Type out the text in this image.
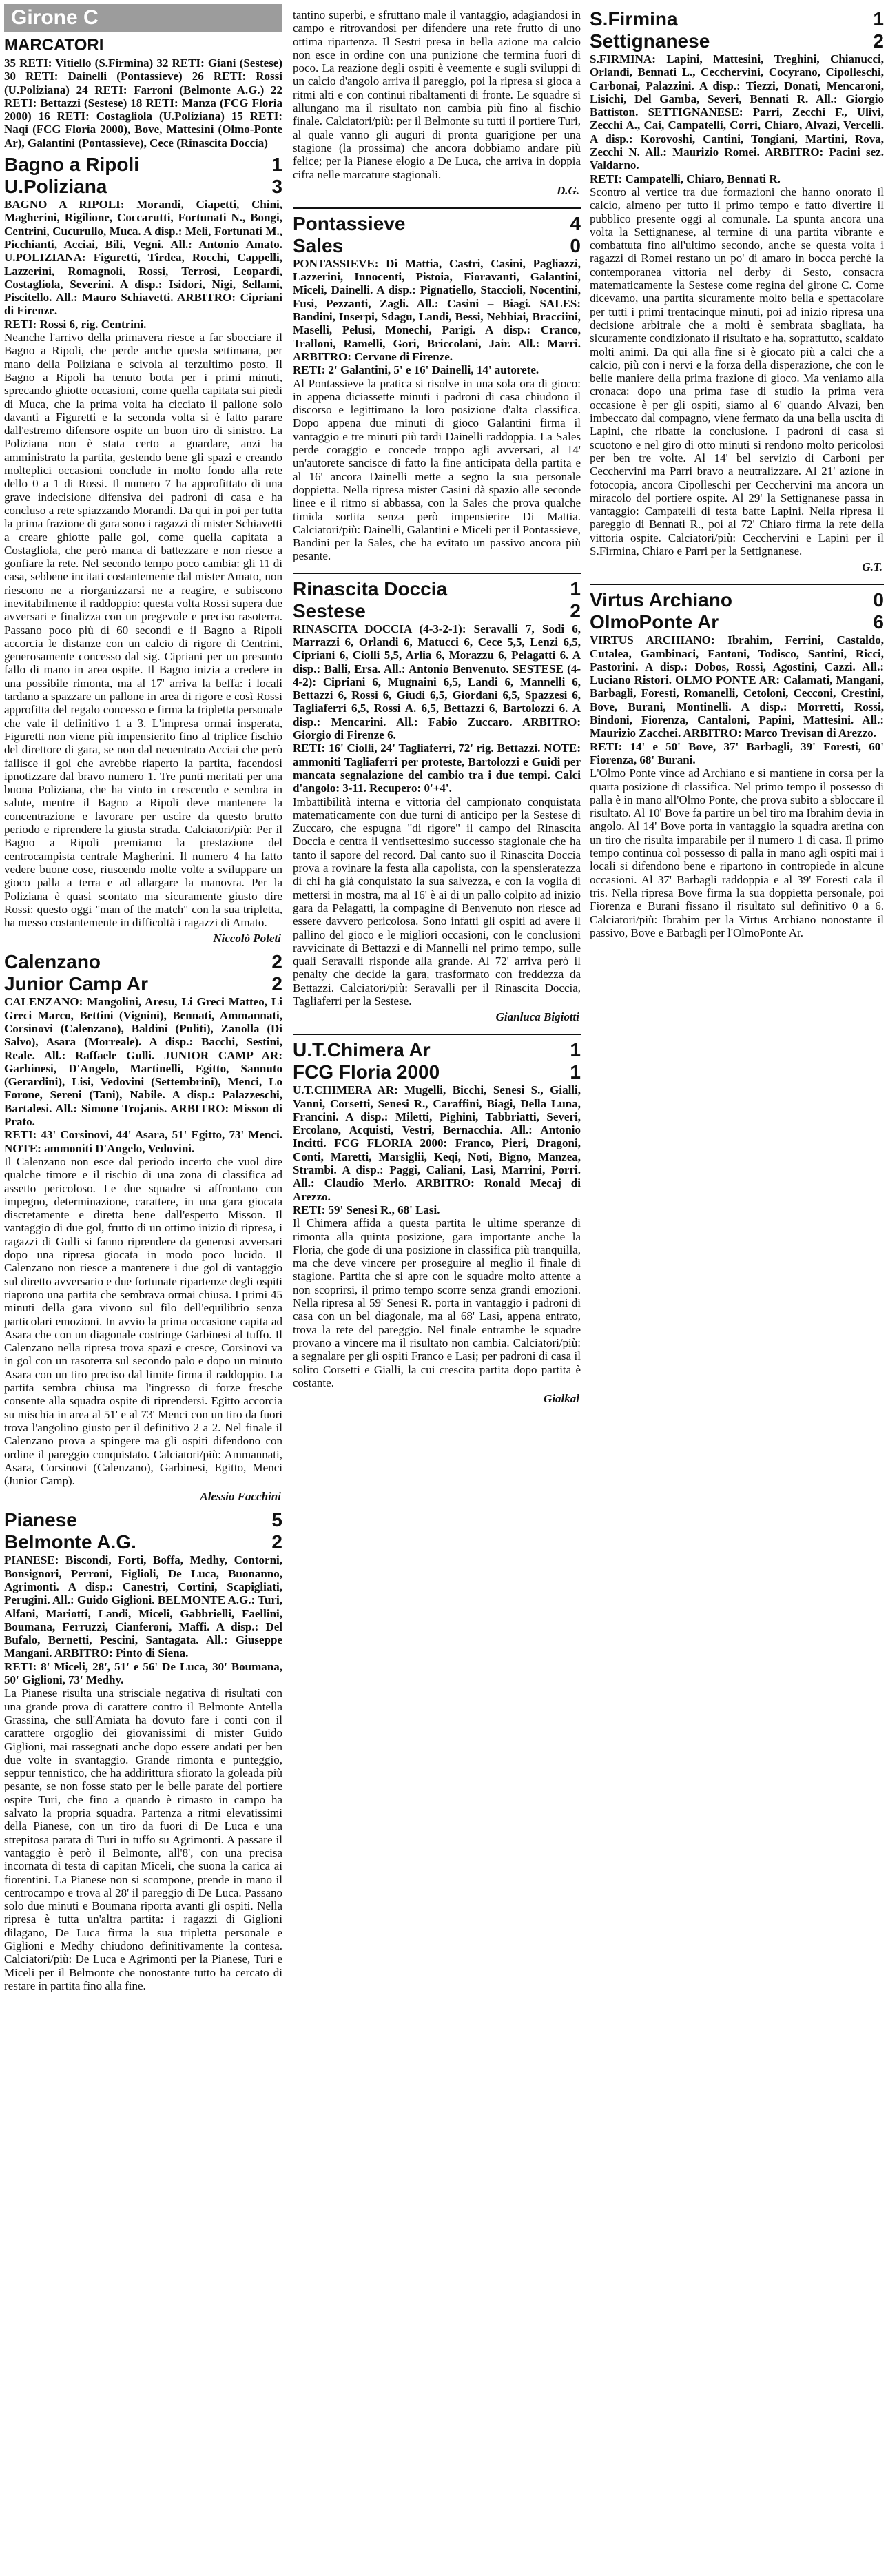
Girone C
MARCATORI

35 RETI: Vitiello (S.Firmina) 32 RETI: Giani (Sestese) 30 RETI: Dainelli (Pontassieve) 26 RETI: Rossi (U.Poliziana) 24 RETI: Farroni (Belmonte A.G.) 22 RETI: Bettazzi (Sestese) 18 RETI: Manza (FCG Floria 2000) 16 RETI: Costagliola (U.Poliziana) 15 RETI: Naqi (FCG Floria 2000), Bove, Mattesini (Olmo-Ponte Ar), Galantini (Pontassieve), Cece (Rinascita Doccia)

Bagno a Ripoli	1
U.Poliziana	3

BAGNO A RIPOLI: Morandi, Ciapetti, Chini, Magherini, Rigilione, Coccarutti, Fortunati N., Bongi, Centrini, Cucurullo, Muca. A disp.: Meli, Fortunati M., Picchianti, Acciai, Bili, Vegni. All.: Antonio Amato. U.POLIZIANA: Figuretti, Tirdea, Rocchi, Cappelli, Lazzerini, Romagnoli, Rossi, Terrosi, Leopardi, Costagliola, Severini. A disp.: Isidori, Nigi, Sellami, Piscitello. All.: Mauro Schiavetti. ARBITRO: Cipriani di Firenze.

RETI: Rossi 6, rig. Centrini.

Neanche l'arrivo della primavera riesce a far sbocciare il Bagno a Ripoli, che perde anche questa settimana, per mano della Poliziana e scivola al terzultimo posto. Il Bagno a Ripoli ha tenuto botta per i primi minuti, sprecando ghiotte occasioni, come quella capitata sui piedi di Muca, che la prima volta ha cicciato il pallone solo davanti a Figuretti e la seconda volta si è fatto parare dall'estremo difensore ospite un buon tiro di sinistro. La Poliziana non è stata certo a guardare, anzi ha amministrato la partita, gestendo bene gli spazi e creando molteplici occasioni conclude in molto fondo alla rete dello 0 a 1 di Rossi. Il numero 7 ha approfittato di una grave indecisione difensiva dei padroni di casa e ha concluso a rete spiazzando Morandi. Da qui in poi per tutta la prima frazione di gara sono i ragazzi di mister Schiavetti a creare ghiotte palle gol, come quella capitata a Costagliola, che però manca di battezzare e non riesce a gonfiare la rete. Nel secondo tempo poco cambia: gli 11 di casa, sebbene incitati costantemente dal mister Amato, non riescono ne a riorganizzarsi ne a reagire, e subiscono inevitabilmente il raddoppio: questa volta Rossi supera due avversari e finalizza con un pregevole e preciso rasoterra. Passano poco più di 60 secondi e il Bagno a Ripoli accorcia le distanze con un calcio di rigore di Centrini, generosamente concesso dal sig. Cipriani per un presunto fallo di mano in area ospite. Il Bagno inizia a credere in una possibile rimonta, ma al 17' arriva la beffa: i locali tardano a spazzare un pallone in area di rigore e così Rossi approfitta del regalo concesso e firma la tripletta personale che vale il definitivo 1 a 3. L'impresa ormai insperata, Figuretti non viene più impensierito fino al triplice fischio del direttore di gara, se non dal neoentrato Acciai che però fallisce il gol che avrebbe riaperto la partita, facendosi ipnotizzare dal bravo numero 1. Tre punti meritati per una buona Poliziana, che ha vinto in crescendo e sembra in salute, mentre il Bagno a Ripoli deve mantenere la concentrazione e lavorare per uscire da questo brutto periodo e riprendere la giusta strada. Calciatori/più: Per il Bagno a Ripoli premiamo la prestazione del centrocampista centrale Magherini. Il numero 4 ha fatto vedere buone cose, riuscendo molte volte a sviluppare un gioco palla a terra e ad allargare la manovra. Per la Poliziana è quasi scontato ma sicuramente giusto dire Rossi: questo oggi "man of the match" con la sua tripletta, ha messo costantemente in difficoltà i ragazzi di Amato.

Niccolò Poleti
Calenzano	2
Junior Camp Ar	2

CALENZANO: Mangolini, Aresu, Li Greci Matteo, Li Greci Marco, Bettini (Vignini), Bennati, Ammannati, Corsinovi (Calenzano), Baldini (Puliti), Zanolla (Di Salvo), Asara (Morreale). A disp.: Bacchi, Sestini, Reale. All.: Raffaele Gulli. JUNIOR CAMP AR: Garbinesi, D'Angelo, Martinelli, Egitto, Sannuto (Gerardini), Lisi, Vedovini (Settembrini), Menci, Lo Forone, Sereni (Tani), Nabile. A disp.: Palazzeschi, Bartalesi. All.: Simone Trojanis. ARBITRO: Misson di Prato.

RETI: 43' Corsinovi, 44' Asara, 51' Egitto, 73' Menci. NOTE: ammoniti D'Angelo, Vedovini.

Il Calenzano non esce dal periodo incerto che vuol dire qualche timore e il rischio di una zona di classifica ad assetto pericoloso. Le due squadre si affrontano con impegno, determinazione, carattere, in una gara giocata discretamente e diretta bene dall'esperto Misson. Il vantaggio di due gol, frutto di un ottimo inizio di ripresa, i ragazzi di Gulli si fanno riprendere da generosi avversari dopo una ripresa giocata in modo poco lucido. Il Calenzano non riesce a mantenere i due gol di vantaggio sul diretto avversario e due fortunate ripartenze degli ospiti riaprono una partita che sembrava ormai chiusa. I primi 45 minuti della gara vivono sul filo dell'equilibrio senza particolari emozioni. In avvio la prima occasione capita ad Asara che con un diagonale costringe Garbinesi al tuffo. Il Calenzano nella ripresa trova spazi e cresce, Corsinovi va in gol con un rasoterra sul secondo palo e dopo un minuto Asara con un tiro preciso dal limite firma il raddoppio. La partita sembra chiusa ma l'ingresso di forze fresche consente alla squadra ospite di riprendersi. Egitto accorcia su mischia in area al 51' e al 73' Menci con un tiro da fuori trova l'angolino giusto per il definitivo 2 a 2. Nel finale il Calenzano prova a spingere ma gli ospiti difendono con ordine il pareggio conquistato. Calciatori/più: Ammannati, Asara, Corsinovi (Calenzano), Garbinesi, Egitto, Menci (Junior Camp).

Alessio Facchini
Pianese	5
Belmonte A.G.	2

PIANESE: Biscondi, Forti, Boffa, Medhy, Contorni, Bonsignori, Perroni, Figlioli, De Luca, Buonanno, Agrimonti. A disp.: Canestri, Cortini, Scapigliati, Perugini. All.: Guido Giglioni. BELMONTE A.G.: Turi, Alfani, Mariotti, Landi, Miceli, Gabbrielli, Faellini, Boumana, Ferruzzi, Cianferoni, Maffi. A disp.: Del Bufalo, Bernetti, Pescini, Santagata. All.: Giuseppe Mangani. ARBITRO: Pinto di Siena.

RETI: 8' Miceli, 28', 51' e 56' De Luca, 30' Boumana, 50' Giglioni, 73' Medhy.

La Pianese risulta una strisciale negativa di risultati con una grande prova di carattere contro il Belmonte Antella Grassina, che sull'Amiata ha dovuto fare i conti con il carattere orgoglio dei giovanissimi di mister Guido Giglioni, mai rassegnati anche dopo essere andati per ben due volte in svantaggio. Grande rimonta e punteggio, seppur tennistico, che ha addirittura sfiorato la goleada più pesante, se non fosse stato per le belle parate del portiere ospite Turi, che fino a quando è rimasto in campo ha salvato la propria squadra. Partenza a ritmi elevatissimi della Pianese, con un tiro da fuori di De Luca e una strepitosa parata di Turi in tuffo su Agrimonti. A passare il vantaggio è però il Belmonte, all'8', con una precisa incornata di testa di capitan Miceli, che suona la carica ai fiorentini. La Pianese non si scompone, prende in mano il centrocampo e trova al 28' il pareggio di De Luca. Passano solo due minuti e Boumana riporta avanti gli ospiti. Nella ripresa è tutta un'altra partita: i ragazzi di Giglioni dilagano, De Luca firma la sua tripletta personale e Giglioni e Medhy chiudono definitivamente la contesa. Calciatori/più: De Luca e Agrimonti per la Pianese, Turi e Miceli per il Belmonte che nonostante tutto ha cercato di restare in partita fino alla fine.

tantino superbi, e sfruttano male il vantaggio, adagiandosi in campo e ritrovandosi per difendere una rete frutto di uno ottima ripartenza. Il Sestri presa in bella azione ma calcio non esce in ordine con una punizione che termina fuori di poco. La reazione degli ospiti è veemente e sugli sviluppi di un calcio d'angolo arriva il pareggio, poi la ripresa si gioca a ritmi alti e con continui ribaltamenti di fronte. Le squadre si allungano ma il risultato non cambia più fino al fischio finale. Calciatori/più: per il Belmonte su tutti il portiere Turi, al quale vanno gli auguri di pronta guarigione per una stagione (la prossima) che ancora dobbiamo andare più felice; per la Pianese elogio a De Luca, che arriva in doppia cifra nelle marcature stagionali.

D.G.
Pontassieve	4
Sales	0

PONTASSIEVE: Di Mattia, Castri, Casini, Pagliazzi, Lazzerini, Innocenti, Pistoia, Fioravanti, Galantini, Miceli, Dainelli. A disp.: Pignatiello, Staccioli, Nocentini, Fusi, Pezzanti, Zagli. All.: Casini – Biagi. SALES: Bandini, Inserpi, Sdagu, Landi, Bessi, Nebbiai, Bracciini, Maselli, Pelusi, Monechi, Parigi. A disp.: Cranco, Tralloni, Ramelli, Gori, Briccolani, Jair. All.: Marri. ARBITRO: Cervone di Firenze.

RETI: 2' Galantini, 5' e 16' Dainelli, 14' autorete.

Al Pontassieve la pratica si risolve in una sola ora di gioco: in appena diciassette minuti i padroni di casa chiudono il discorso e legittimano la loro posizione d'alta classifica. Dopo appena due minuti di gioco Galantini firma il vantaggio e tre minuti più tardi Dainelli raddoppia. La Sales perde coraggio e concede troppo agli avversari, al 14' un'autorete sancisce di fatto la fine anticipata della partita e al 16' ancora Dainelli mette a segno la sua personale doppietta. Nella ripresa mister Casini dà spazio alle seconde linee e il ritmo si abbassa, con la Sales che prova qualche timida sortita senza però impensierire Di Mattia. Calciatori/più: Dainelli, Galantini e Miceli per il Pontassieve, Bandini per la Sales, che ha evitato un passivo ancora più pesante.

Rinascita Doccia	1
Sestese	2

RINASCITA DOCCIA (4-3-2-1): Seravalli 7, Sodi 6, Marrazzi 6, Orlandi 6, Matucci 6, Cece 5,5, Lenzi 6,5, Cipriani 6, Ciolli 5,5, Arlia 6, Morazzu 6, Pelagatti 6. A disp.: Balli, Ersa. All.: Antonio Benvenuto. SESTESE (4-4-2): Cipriani 6, Mugnaini 6,5, Landi 6, Mannelli 6, Bettazzi 6, Rossi 6, Giudi 6,5, Giordani 6,5, Spazzesi 6, Tagliaferri 6,5, Rossi A. 6,5, Bettazzi 6, Bartolozzi 6. A disp.: Mencarini. All.: Fabio Zuccaro. ARBITRO: Giorgio di Firenze 6.

RETI: 16' Ciolli, 24' Tagliaferri, 72' rig. Bettazzi. NOTE: ammoniti Tagliaferri per proteste, Bartolozzi e Guidi per mancata segnalazione del cambio tra i due tempi. Calci d'angolo: 3-11. Recupero: 0'+4'.

Imbattibilità interna e vittoria del campionato conquistata matematicamente con due turni di anticipo per la Sestese di Zuccaro, che espugna "di rigore" il campo del Rinascita Doccia e centra il ventisettesimo successo stagionale che ha tanto il sapore del record. Dal canto suo il Rinascita Doccia prova a rovinare la festa alla capolista, con la spensieratezza di chi ha già conquistato la sua salvezza, e con la voglia di mettersi in mostra, ma al 16' è ai di un pallo colpito ad inizio gara da Pelagatti, la compagine di Benvenuto non riesce ad essere davvero pericolosa. Sono infatti gli ospiti ad avere il pallino del gioco e le migliori occasioni, con le conclusioni ravvicinate di Bettazzi e di Mannelli nel primo tempo, sulle quali Seravalli risponde alla grande. Al 72' arriva però il penalty che decide la gara, trasformato con freddezza da Bettazzi. Calciatori/più: Seravalli per il Rinascita Doccia, Tagliaferri per la Sestese.

Gianluca Bigiotti
U.T.Chimera Ar	1
FCG Floria 2000	1

U.T.CHIMERA AR: Mugelli, Bicchi, Senesi S., Gialli, Vanni, Corsetti, Senesi R., Caraffini, Biagi, Della Luna, Francini. A disp.: Miletti, Pighini, Tabbriatti, Severi, Ercolano, Acquisti, Vestri, Bernacchia. All.: Antonio Incitti. FCG FLORIA 2000: Franco, Pieri, Dragoni, Conti, Maretti, Marsiglii, Keqi, Noti, Bigno, Manzea, Strambi. A disp.: Paggi, Caliani, Lasi, Marrini, Porri. All.: Claudio Merlo. ARBITRO: Ronald Mecaj di Arezzo.

RETI: 59' Senesi R., 68' Lasi.

Il Chimera affida a questa partita le ultime speranze di rimonta alla quinta posizione, gara importante anche la Floria, che gode di una posizione in classifica più tranquilla, ma che deve vincere per proseguire al meglio il finale di stagione. Partita che si apre con le squadre molto attente a non scoprirsi, il primo tempo scorre senza grandi emozioni. Nella ripresa al 59' Senesi R. porta in vantaggio i padroni di casa con un bel diagonale, ma al 68' Lasi, appena entrato, trova la rete del pareggio. Nel finale entrambe le squadre provano a vincere ma il risultato non cambia. Calciatori/più: a segnalare per gli ospiti Franco e Lasi; per padroni di casa il solito Corsetti e Gialli, la cui crescita partita dopo partita è costante.

Gialkal
S.Firmina	1
Settignanese	2

S.FIRMINA: Lapini, Mattesini, Treghini, Chianucci, Orlandi, Bennati L., Cecchervini, Cocyrano, Cipolleschi, Carbonai, Palazzini. A disp.: Tiezzi, Donati, Mencaroni, Lisichi, Del Gamba, Severi, Bennati R. All.: Giorgio Battiston. SETTIGNANESE: Parri, Zecchi F., Ulivi, Zecchi A., Cai, Campatelli, Corri, Chiaro, Alvazi, Vercelli. A disp.: Korovoshi, Cantini, Tongiani, Martini, Rova, Zecchi N. All.: Maurizio Romei. ARBITRO: Pacini sez. Valdarno.

RETI: Campatelli, Chiaro, Bennati R.

Scontro al vertice tra due formazioni che hanno onorato il calcio, almeno per tutto il primo tempo e fatto divertire il pubblico presente oggi al comunale. La spunta ancora una volta la Settignanese, al termine di una partita vibrante e combattuta fino all'ultimo secondo, anche se questa volta i ragazzi di Romei restano un po' di amaro in bocca perché la contemporanea vittoria nel derby di Sesto, consacra matematicamente la Sestese come regina del girone C. Come dicevamo, una partita sicuramente molto bella e spettacolare per tutti i primi trentacinque minuti, poi ad inizio ripresa una decisione arbitrale che a molti è sembrata sbagliata, ha sicuramente condizionato il risultato e ha, soprattutto, scaldato molti animi. Da qui alla fine si è giocato più a calci che a calcio, più con i nervi e la forza della disperazione, che con le belle maniere della prima frazione di gioco. Ma veniamo alla cronaca: dopo una prima fase di studio la prima vera occasione è per gli ospiti, siamo al 6' quando Alvazi, ben imbeccato dal compagno, viene fermato da una bella uscita di Lapini, che ribatte la conclusione. I padroni di casa si scuotono e nel giro di otto minuti si rendono molto pericolosi per ben tre volte. Al 14' bel servizio di Carboni per Cecchervini ma Parri bravo a neutralizzare. Al 21' azione in fotocopia, ancora Cipolleschi per Cecchervini ma ancora un miracolo del portiere ospite. Al 29' la Settignanese passa in vantaggio: Campatelli di testa batte Lapini. Nella ripresa il pareggio di Bennati R., poi al 72' Chiaro firma la rete della vittoria ospite. Calciatori/più: Cecchervini e Lapini per il S.Firmina, Chiaro e Parri per la Settignanese.

G.T.
Virtus Archiano	0
OlmoPonte Ar	6

VIRTUS ARCHIANO: Ibrahim, Ferrini, Castaldo, Cutalea, Gambinaci, Fantoni, Todisco, Santini, Ricci, Pastorini. A disp.: Dobos, Rossi, Agostini, Cazzi. All.: Luciano Ristori. OLMO PONTE AR: Calamati, Mangani, Barbagli, Foresti, Romanelli, Cetoloni, Cecconi, Crestini, Bove, Burani, Montinelli. A disp.: Morretti, Rossi, Bindoni, Fiorenza, Cantaloni, Papini, Mattesini. All.: Maurizio Zacchei. ARBITRO: Marco Trevisan di Arezzo.

RETI: 14' e 50' Bove, 37' Barbagli, 39' Foresti, 60' Fiorenza, 68' Burani.

L'Olmo Ponte vince ad Archiano e si mantiene in corsa per la quarta posizione di classifica. Nel primo tempo il possesso di palla è in mano all'Olmo Ponte, che prova subito a sbloccare il risultato. Al 10' Bove fa partire un bel tiro ma Ibrahim devia in angolo. Al 14' Bove porta in vantaggio la squadra aretina con un tiro che risulta imparabile per il numero 1 di casa. Il primo tempo continua col possesso di palla in mano agli ospiti mai i locali si difendono bene e ripartono in contropiede in alcune occasioni. Al 37' Barbagli raddoppia e al 39' Foresti cala il tris. Nella ripresa Bove firma la sua doppietta personale, poi Fiorenza e Burani fissano il risultato sul definitivo 0 a 6. Calciatori/più: Ibrahim per la Virtus Archiano nonostante il passivo, Bove e Barbagli per l'OlmoPonte Ar.
